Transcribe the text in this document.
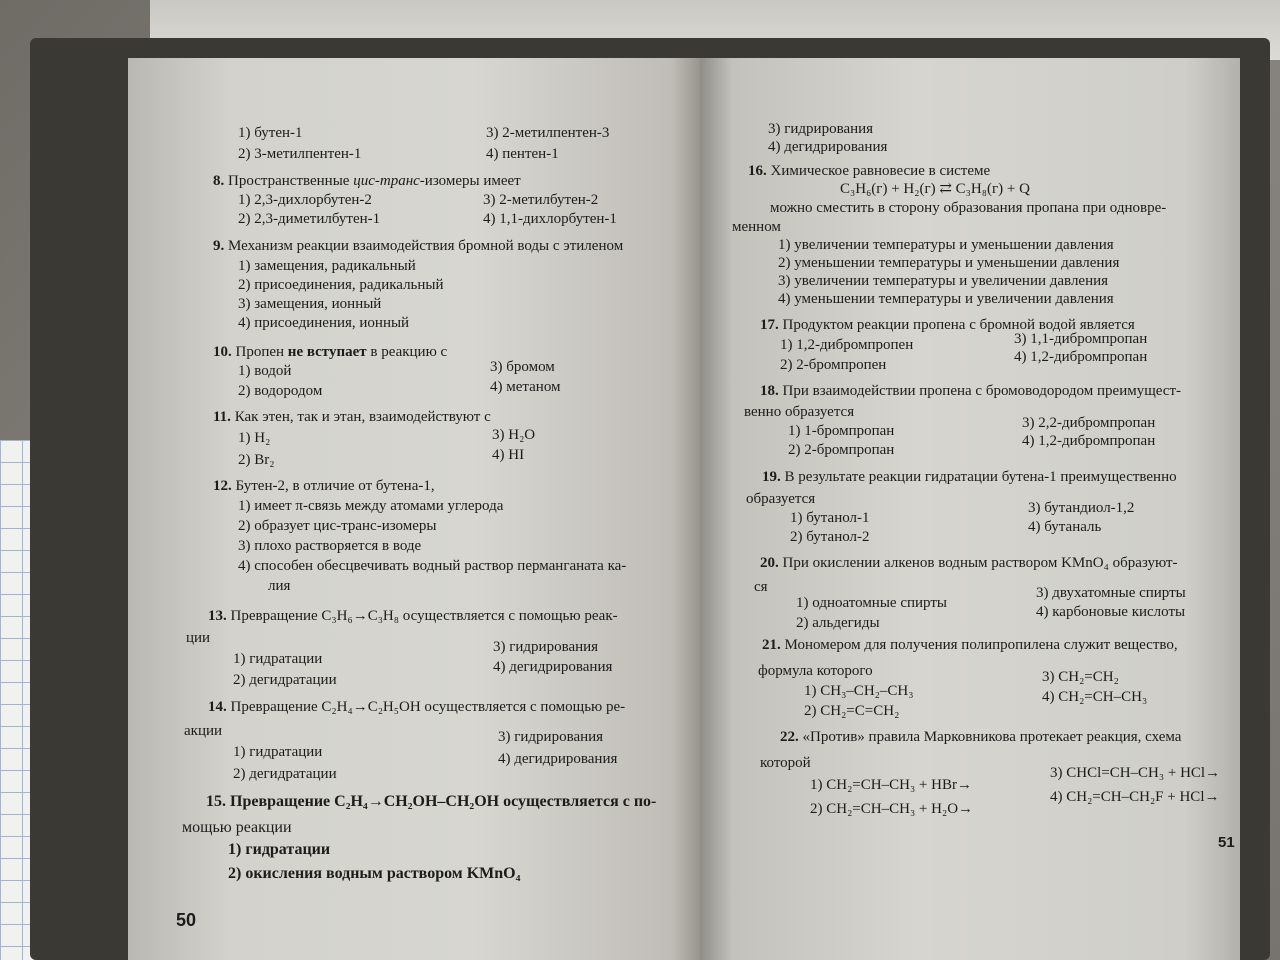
1) бутен-1
2) 3-метилпентен-1
3) 2-метилпентен-3
4) пентен-1
8. Пространственные цис-транс-изомеры имеет
1) 2,3-дихлорбутен-2
2) 2,3-диметилбутен-1
3) 2-метилбутен-2
4) 1,1-дихлорбутен-1
9. Механизм реакции взаимодействия бромной воды с этиленом
1) замещения, радикальный
2) присоединения, радикальный
3) замещения, ионный
4) присоединения, ионный
10. Пропен не вступает в реакцию с
1) водой
2) водородом
3) бромом
4) метаном
11. Как этен, так и этан, взаимодействуют с
1) H₂
2) Br₂
3) H₂O
4) HI
12. Бутен-2, в отличие от бутена-1,
1) имеет π-связь между атомами углерода
2) образует цис-транс-изомеры
3) плохо растворяется в воде
4) способен обесцвечивать водный раствор перманганата ка-
лия
13. Превращение C₃H₆→C₃H₈ осуществляется с помощью реак-
ции
1) гидратации
2) дегидратации
3) гидрирования
4) дегидрирования
14. Превращение C₂H₄→C₂H₅OH осуществляется с помощью ре-
акции
1) гидратации
2) дегидратации
3) гидрирования
4) дегидрирования
15. Превращение C₂H₄→CH₂OH–CH₂OH осуществляется с по-
мощью реакции
1) гидратации
2) окисления водным раствором KMnO₄
50
3) гидрирования
4) дегидрирования
16. Химическое равновесие в системе
C₃H₆(г) + H₂(г) ⇄ C₃H₈(г) + Q
можно сместить в сторону образования пропана при одновре-
менном
1) увеличении температуры и уменьшении давления
2) уменьшении температуры и уменьшении давления
3) увеличении температуры и увеличении давления
4) уменьшении температуры и увеличении давления
17. Продуктом реакции пропена с бромной водой является
1) 1,2-дибромпропен
2) 2-бромпропен
3) 1,1-дибромпропан
4) 1,2-дибромпропан
18. При взаимодействии пропена с бромоводородом преимущест-
венно образуется
1) 1-бромпропан
2) 2-бромпропан
3) 2,2-дибромпропан
4) 1,2-дибромпропан
19. В результате реакции гидратации бутена-1 преимущественно
образуется
1) бутанол-1
2) бутанол-2
3) бутандиол-1,2
4) бутаналь
20. При окислении алкенов водным раствором KMnO₄ образуют-
ся
1) одноатомные спирты
2) альдегиды
3) двухатомные спирты
4) карбоновые кислоты
21. Мономером для получения полипропилена служит вещество,
формула которого
1) CH₃–CH₂–CH₃
2) CH₂=C=CH₂
3) CH₂=CH₂
4) CH₂=CH–CH₃
22. «Против» правила Марковникова протекает реакция, схема
которой
1) CH₂=CH–CH₃ + HBr→
2) CH₂=CH–CH₃ + H₂O→
3) CHCl=CH–CH₃ + HCl→
4) CH₂=CH–CH₂F + HCl→
51
